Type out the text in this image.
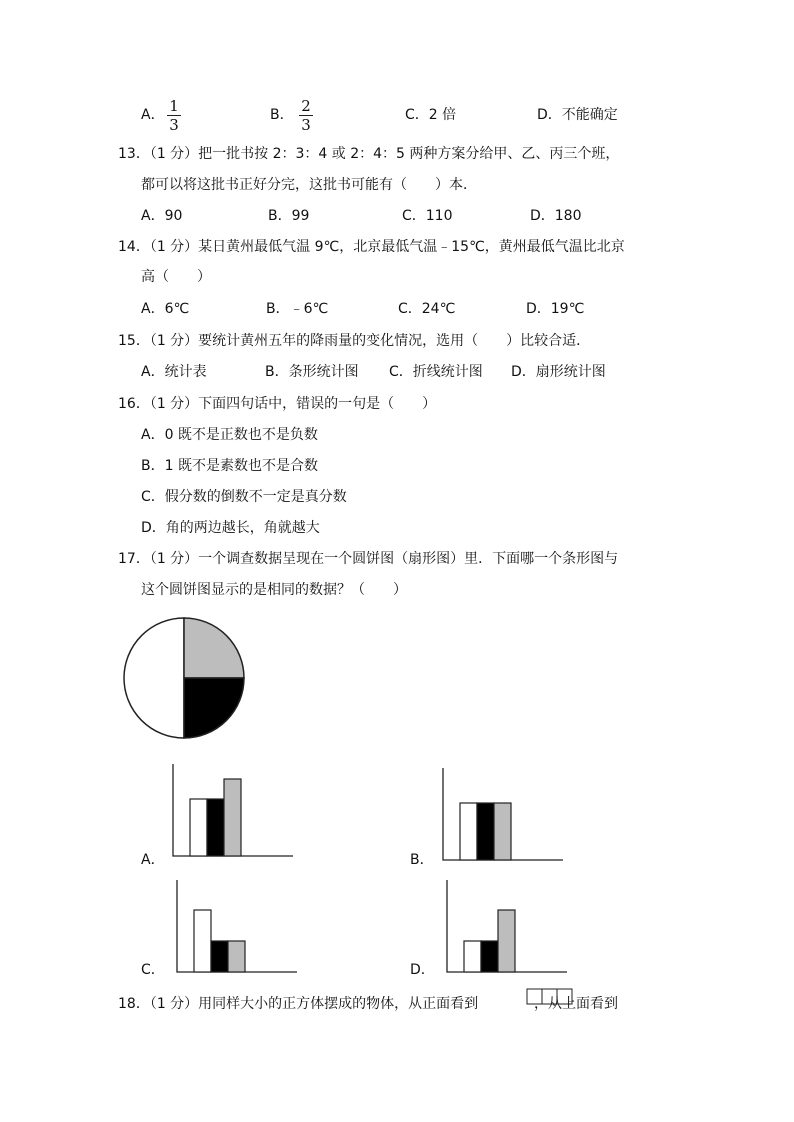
A． 1
3
B． 2
3
C．2 倍	D．不能确定
13．（1 分）把一批书按 2：3：4 或 2：4：5 两种方案分给甲、乙、丙三个班，
都可以将这批书正好分完，这批书可能有（　　）本．
A．90	B．99	C．110	D．180
14．（1 分）某日黄州最低气温 9℃，北京最低气温﹣15℃，黄州最低气温比北京
高（　　）
A．6℃	B．﹣6℃	C．24℃	D．19℃
15．（1 分）要统计黄州五年的降雨量的变化情况，选用（　　）比较合适．
A．统计表	B．条形统计图 C．折线统计图 D．扇形统计图
16．（1 分）下面四句话中，错误的一句是（　　）
A．0 既不是正数也不是负数
B．1 既不是素数也不是合数
C．假分数的倒数不一定是真分数
D．角的两边越长，角就越大
17．（1 分）一个调查数据呈现在一个圆饼图（扇形图）里．下面哪一个条形图与
这个圆饼图显示的是相同的数据？（　　）
A．	B．
C．	D．
18．（1 分）用同样大小的正方体摆成的物体，从正面看到	，从上面看到
